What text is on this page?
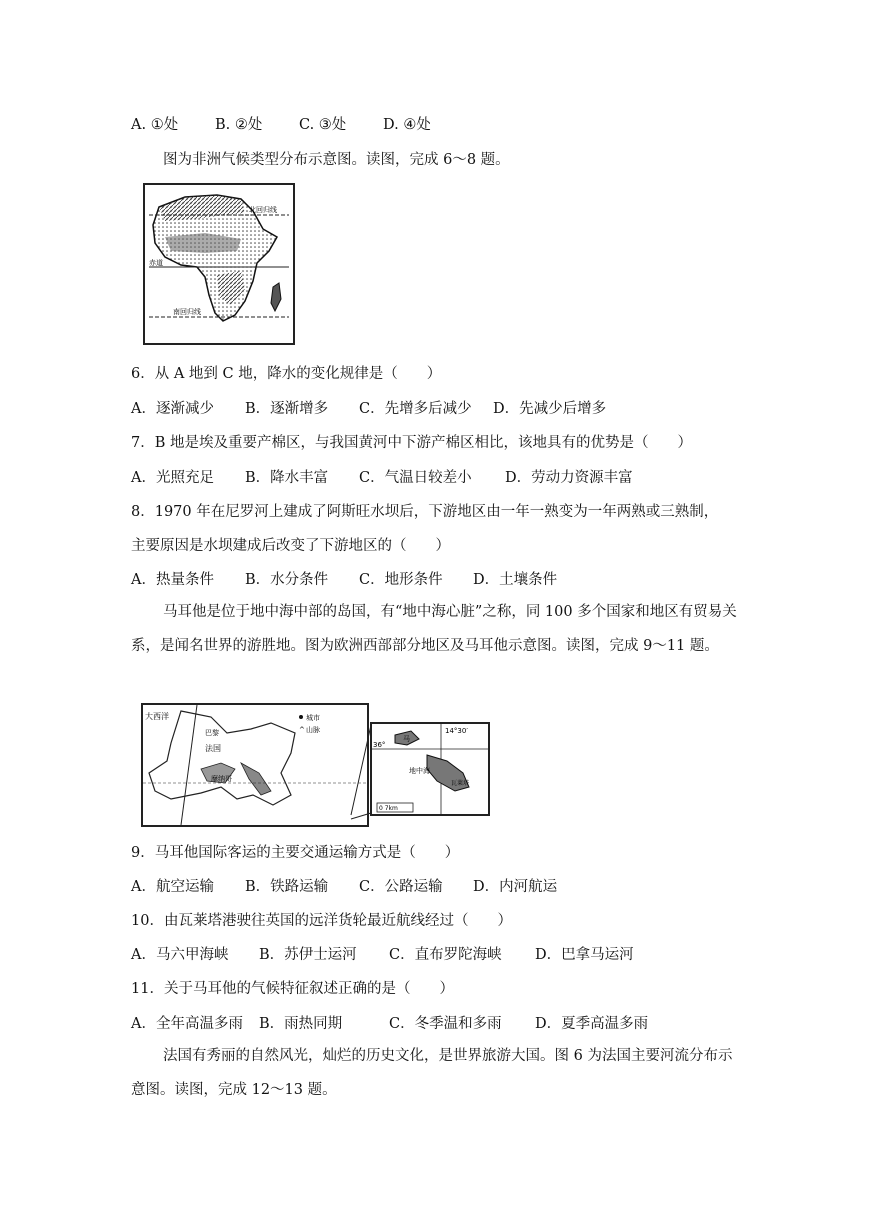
A. ①处	B. ②处	C. ③处	D. ④处
图为非洲气候类型分布示意图。读图，完成 6～8 题。
北回归线
赤道
南回归线
6．从 A 地到 C 地，降水的变化规律是（　　）
A．逐渐减少	B．逐渐增多	C．先增多后减少	D．先减少后增多
7．B 地是埃及重要产棉区，与我国黄河中下游产棉区相比，该地具有的优势是（　　）
A．光照充足	B．降水丰富	C．气温日较差小	D．劳动力资源丰富
8．1970 年在尼罗河上建成了阿斯旺水坝后，下游地区由一年一熟变为一年两熟或三熟制，
主要原因是水坝建成后改变了下游地区的（　　）
A．热量条件	B．水分条件	C．地形条件	D．土壤条件
马耳他是位于地中海中部的岛国，有“地中海心脏”之称，同 100 多个国家和地区有贸易关系，是闻名世界的游胜地。图为欧洲西部部分地区及马耳他示意图。读图，完成 9～11 题。
大西洋
巴黎
法国
摩纳哥
城市
^ 山脉	14°30′
36°
马
地中海
瓦莱塔
0 7km
9．马耳他国际客运的主要交通运输方式是（　　）
A．航空运输	B．铁路运输	C．公路运输	D．内河航运
10．由瓦莱塔港驶往英国的远洋货轮最近航线经过（　　）
A．马六甲海峡	B．苏伊士运河	C．直布罗陀海峡	D．巴拿马运河
11．关于马耳他的气候特征叙述正确的是（　　）
A．全年高温多雨	B．雨热同期	C．冬季温和多雨	D．夏季高温多雨
法国有秀丽的自然风光，灿烂的历史文化，是世界旅游大国。图 6 为法国主要河流分布示意图。读图，完成 12～13 题。
